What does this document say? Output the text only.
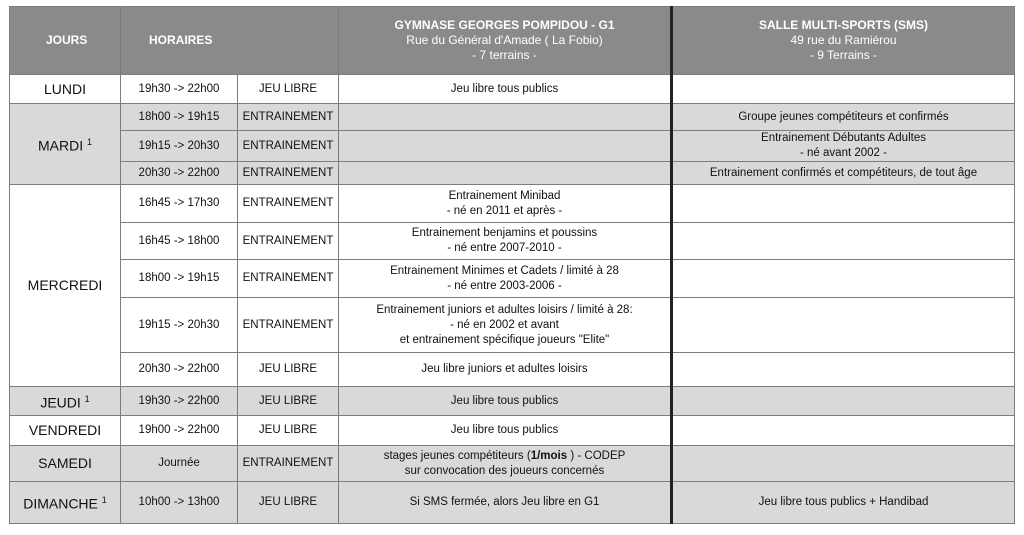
JOURS	HORAIRES		GYMNASE GEORGES POMPIDOU - G1
Rue du Général d'Amade ( La Fobio)
- 7 terrains -	SALLE MULTI-SPORTS (SMS)
49 rue du Ramiérou
- 9 Terrains -

LUNDI	19h30 -> 22h00	JEU LIBRE	Jeu libre tous publics	
MARDI $^1$	18h00 -> 19h15	ENTRAINEMENT		Groupe jeunes compétiteurs et confirmés
	19h15 -> 20h30	ENTRAINEMENT		Entrainement Débutants Adultes
- né avant 2002 -

	20h30 -> 22h00	ENTRAINEMENT		Entrainement confirmés et compétiteurs, de tout âge
MERCREDI	16h45 -> 17h30	ENTRAINEMENT	Entrainement Minibad
- né en 2011 et après -	

	16h45 -> 18h00	ENTRAINEMENT	Entrainement benjamins et poussins
- né entre 2007-2010 -	

	18h00 -> 19h15	ENTRAINEMENT	Entrainement Minimes et Cadets / limité à 28
- né entre 2003-2006 -	

	19h15 -> 20h30	ENTRAINEMENT	Entrainement juniors et adultes loisirs / limité à 28:
- né en 2002 et avant
et entrainement spécifique joueurs "Elite"	

	20h30 -> 22h00	JEU LIBRE	Jeu libre juniors et adultes loisirs	
JEUDI $^1$	19h30 -> 22h00	JEU LIBRE	Jeu libre tous publics	
VENDREDI	19h00 -> 22h00	JEU LIBRE	Jeu libre tous publics	
SAMEDI	Journée	ENTRAINEMENT	stages jeunes compétiteurs (1/mois ) - CODEP
sur convocation des joueurs concernés	

DIMANCHE $^1$	10h00 -> 13h00	JEU LIBRE	Si SMS fermée, alors Jeu libre en G1	Jeu libre tous publics + Handibad
